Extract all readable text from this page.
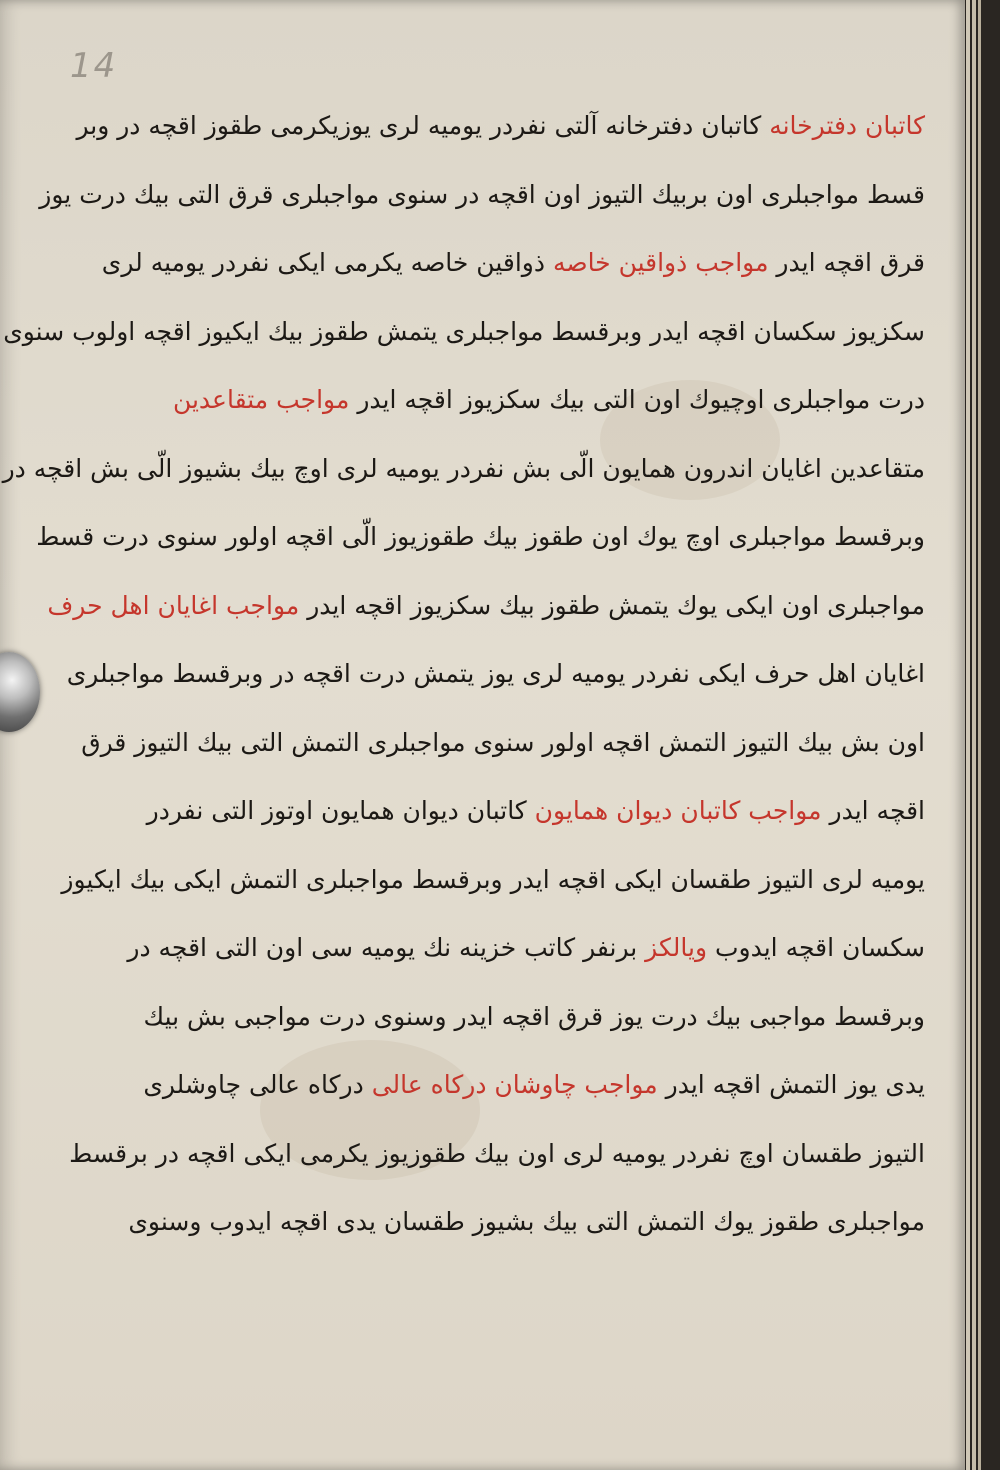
14
کاتبان دفترخانه کاتبان دفترخانه آلتی نفردر یومیه لری یوزیکرمی طقوز اقچه در وبر
قسط مواجبلری اون بربیك التیوز اون اقچه در سنوی مواجبلری قرق التی بیك درت یوز
قرق اقچه ایدر مواجب ذواقین خاصه ذواقین خاصه یکرمی ایکی نفردر یومیه لری
سکزیوز سکسان اقچه ایدر وبرقسط مواجبلری یتمش طقوز بیك ایکیوز اقچه اولوب سنوی
درت مواجبلری اوچیوك اون التی بیك سکزیوز اقچه ایدر مواجب متقاعدین
متقاعدین اغایان اندرون همایون الّی بش نفردر یومیه لری اوچ بیك بشیوز الّی بش اقچه در
وبرقسط مواجبلری اوچ یوك اون طقوز بیك طقوزیوز الّی اقچه اولور سنوی درت قسط
مواجبلری اون ایکی یوك یتمش طقوز بیك سکزیوز اقچه ایدر مواجب اغایان اهل حرف
اغایان اهل حرف ایکی نفردر یومیه لری یوز یتمش درت اقچه در وبرقسط مواجبلری
اون بش بیك التیوز التمش اقچه اولور سنوی مواجبلری التمش التی بیك التیوز قرق
اقچه ایدر مواجب کاتبان دیوان همایون کاتبان دیوان همایون اوتوز التی نفردر
یومیه لری التیوز طقسان ایکی اقچه ایدر وبرقسط مواجبلری التمش ایکی بیك ایکیوز
سکسان اقچه ایدوب ویالکز برنفر کاتب خزینه نك یومیه سی اون التی اقچه در
وبرقسط مواجبی بیك درت یوز قرق اقچه ایدر وسنوی درت مواجبی بش بیك
یدی یوز التمش اقچه ایدر مواجب چاوشان درکاه عالی درکاه عالی چاوشلری
التیوز طقسان اوچ نفردر یومیه لری اون بیك طقوزیوز یکرمی ایکی اقچه در برقسط
مواجبلری طقوز یوك التمش التی بیك بشیوز طقسان یدی اقچه ایدوب وسنوی
